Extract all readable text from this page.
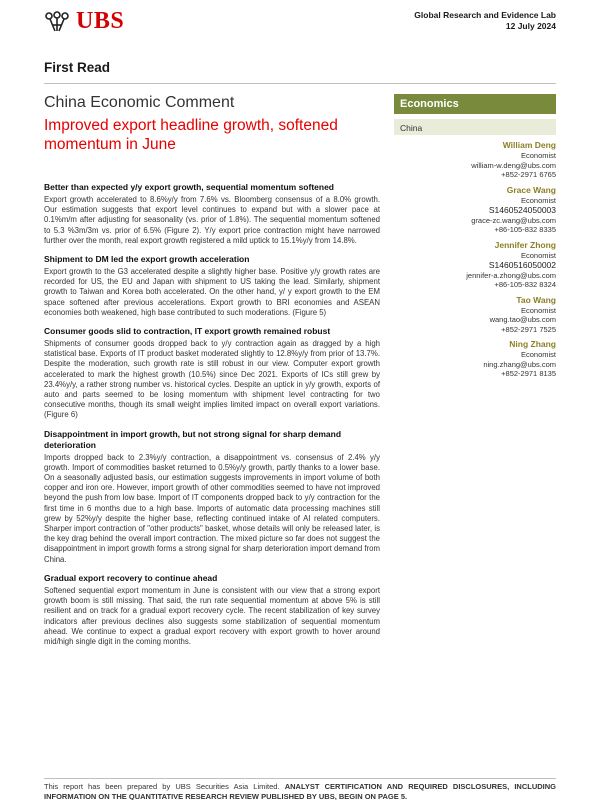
UBS	Global Research and Evidence Lab
12 July 2024
First Read
China Economic Comment
Improved export headline growth, softened momentum in June
Economics
China
William Deng
Economist
william-w.deng@ubs.com
+852-2971 6765
Grace Wang
Economist
S1460524050003
grace-zc.wang@ubs.com
+86-105-832 8335
Jennifer Zhong
Economist
S1460516050002
jennifer-a.zhong@ubs.com
+86-105-832 8324
Tao Wang
Economist
wang.tao@ubs.com
+852-2971 7525
Ning Zhang
Economist
ning.zhang@ubs.com
+852-2971 8135
Better than expected y/y export growth, sequential momentum softened

Export growth accelerated to 8.6%y/y from 7.6% vs. Bloomberg consensus of a 8.0% growth. Our estimation suggests that export level continues to expand but with a slower pace at 0.1%m/m after adjusting for seasonality (vs. prior of 1.8%). The sequential momentum softened to 5.3 %3m/3m vs. prior of 6.5% (Figure 2). Y/y export price contraction might have narrowed further over the month, real export growth registered a mild uptick to 15.1%y/y from 14.8%.

Shipment to DM led the export growth acceleration

Export growth to the G3 accelerated despite a slightly higher base. Positive y/y growth rates are recorded for US, the EU and Japan with shipment to US taking the lead. Similarly, shipment growth to Taiwan and Korea both accelerated. On the other hand, y/ y export growth to the EM space softened after previous accelerations. Export growth to BRI economies and ASEAN economies both weakened, high base contributed to such moderations. (Figure 5)

Consumer goods slid to contraction, IT export growth remained robust

Shipments of consumer goods dropped back to y/y contraction again as dragged by a high statistical base. Exports of IT product basket moderated slightly to 12.8%y/y from prior of 13.7%. Despite the moderation, such growth rate is still robust in our view. Computer export growth accelerated to mark the highest growth (10.5%) since Dec 2021. Exports of ICs still grew by 23.4%y/y, a rather strong number vs. historical cycles. Despite an uptick in y/y growth, exports of auto and parts seemed to be losing momentum with shipment level contracting for two consecutive months, though its small weight implies limited impact on overall export variations. (Figure 6)

Disappointment in import growth, but not strong signal for sharp demand deterioration

Imports dropped back to 2.3%y/y contraction, a disappointment vs. consensus of 2.4% y/y growth. Import of commodities basket returned to 0.5%y/y growth, partly thanks to a lower base. On a seasonally adjusted basis, our estimation suggests improvements in import volume of both copper and iron ore. However, import growth of other commodities seemed to have not improved beyond the push from low base. Import of IT components dropped back to y/y contraction for the first time in 6 months due to a high base. Imports of automatic data processing machines still grew by 52%y/y despite the higher base, reflecting continued intake of AI related computers. Sharper import contraction of "other products" basket, whose details will only be released later, is the key drag behind the overall import contraction. The mixed picture so far does not suggest the disappointment in import growth forms a strong signal for sharp deterioration import demand from China.

Gradual export recovery to continue ahead

Softened sequential export momentum in June is consistent with our view that a strong export growth boom is still missing. That said, the run rate sequential momentum at above 5% is still resilient and on track for a gradual export recovery cycle. The recent stabilization of key survey indicators after previous declines also suggests some stabilization of sequential momentum ahead. We continue to expect a gradual export recovery with export growth to hover around mid/high single digit in the coming months.

This report has been prepared by UBS Securities Asia Limited. ANALYST CERTIFICATION AND REQUIRED DISCLOSURES, INCLUDING INFORMATION ON THE QUANTITATIVE RESEARCH REVIEW PUBLISHED BY UBS, BEGIN ON PAGE 5.
